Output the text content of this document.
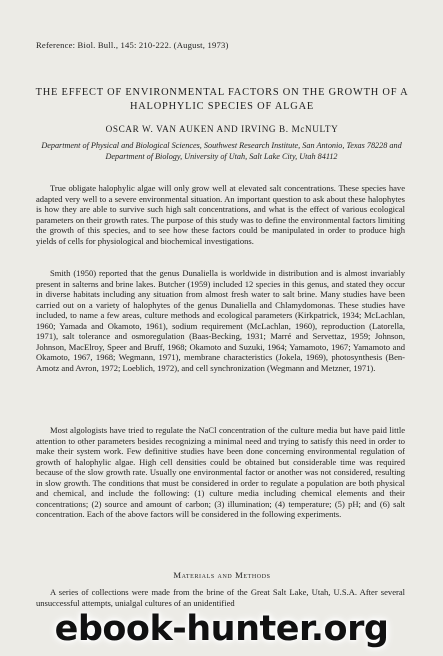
Reference: Biol. Bull., 145: 210-222. (August, 1973)
THE EFFECT OF ENVIRONMENTAL FACTORS ON THE GROWTH OF A HALOPHYLIC SPECIES OF ALGAE
OSCAR W. VAN AUKEN AND IRVING B. McNULTY
Department of Physical and Biological Sciences, Southwest Research Institute, San Antonio, Texas 78228 and Department of Biology, University of Utah, Salt Lake City, Utah 84112

True obligate halophylic algae will only grow well at elevated salt concentrations. These species have adapted very well to a severe environmental situation. An important question to ask about these halophytes is how they are able to survive such high salt concentrations, and what is the effect of various ecological parameters on their growth rates. The purpose of this study was to define the environmental factors limiting the growth of this species, and to see how these factors could be manipulated in order to produce high yields of cells for physiological and biochemical investigations.

Smith (1950) reported that the genus Dunaliella is worldwide in distribution and is almost invariably present in salterns and brine lakes. Butcher (1959) included 12 species in this genus, and stated they occur in diverse habitats including any situation from almost fresh water to salt brine. Many studies have been carried out on a variety of halophytes of the genus Dunaliella and Chlamydomonas. These studies have included, to name a few areas, culture methods and ecological parameters (Kirkpatrick, 1934; McLachlan, 1960; Yamada and Okamoto, 1961), sodium requirement (McLachlan, 1960), reproduction (Latorella, 1971), salt tolerance and osmoregulation (Baas-Becking, 1931; Marré and Servettaz, 1959; Johnson, Johnson, MacElroy, Speer and Bruff, 1968; Okamoto and Suzuki, 1964; Yamamoto, 1967; Yamamoto and Okamoto, 1967, 1968; Wegmann, 1971), membrane characteristics (Jokela, 1969), photosynthesis (Ben-Amotz and Avron, 1972; Loeblich, 1972), and cell synchronization (Wegmann and Metzner, 1971).

Most algologists have tried to regulate the NaCl concentration of the culture media but have paid little attention to other parameters besides recognizing a minimal need and trying to satisfy this need in order to make their system work. Few definitive studies have been done concerning environmental regulation of growth of halophylic algae. High cell densities could be obtained but considerable time was required because of the slow growth rate. Usually one environmental factor or another was not considered, resulting in slow growth. The conditions that must be considered in order to regulate a population are both physical and chemical, and include the following: (1) culture media including chemical elements and their concentrations; (2) source and amount of carbon; (3) illumination; (4) temperature; (5) pH; and (6) salt concentration. Each of the above factors will be considered in the following experiments.

Materials and Methods

A series of collections were made from the brine of the Great Salt Lake, Utah, U.S.A. After several unsuccessful attempts, unialgal cultures of an unidentified

ebook-hunter.org
